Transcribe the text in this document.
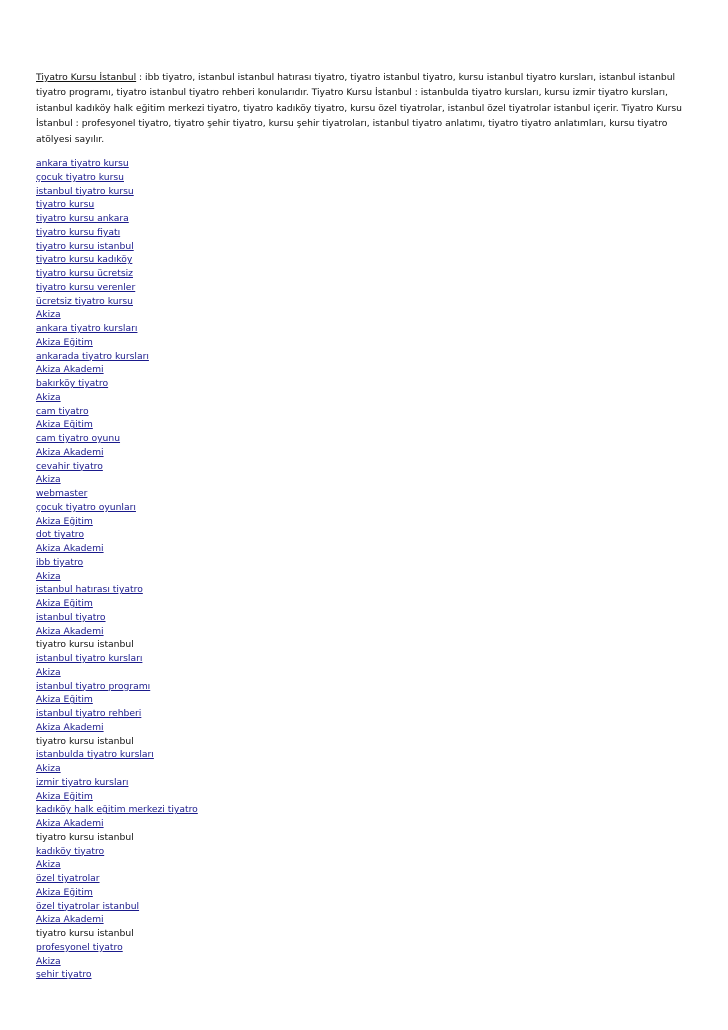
Tiyatro Kursu İstanbul : ibb tiyatro, istanbul istanbul hatırası tiyatro, tiyatro istanbul tiyatro, kursu istanbul tiyatro kursları, istanbul istanbul tiyatro programı, tiyatro istanbul tiyatro rehberi konularıdır. Tiyatro Kursu İstanbul : istanbulda tiyatro kursları, kursu izmir tiyatro kursları, istanbul kadıköy halk eğitim merkezi tiyatro, tiyatro kadıköy tiyatro, kursu özel tiyatrolar, istanbul özel tiyatrolar istanbul içerir. Tiyatro Kursu İstanbul : profesyonel tiyatro, tiyatro şehir tiyatro, kursu şehir tiyatroları, istanbul tiyatro anlatımı, tiyatro tiyatro anlatımları, kursu tiyatro atölyesi sayılır.

ankara tiyatro kursu
çocuk tiyatro kursu
istanbul tiyatro kursu
tiyatro kursu
tiyatro kursu ankara
tiyatro kursu fiyatı
tiyatro kursu istanbul
tiyatro kursu kadıköy
tiyatro kursu ücretsiz
tiyatro kursu verenler
ücretsiz tiyatro kursu
Akiza
ankara tiyatro kursları
Akiza Eğitim
ankarada tiyatro kursları
Akiza Akademi
bakırköy tiyatro
Akiza
cam tiyatro
Akiza Eğitim
cam tiyatro oyunu
Akiza Akademi
cevahir tiyatro
Akiza
webmaster
çocuk tiyatro oyunları
Akiza Eğitim
dot tiyatro
Akiza Akademi
ibb tiyatro
Akiza
istanbul hatırası tiyatro
Akiza Eğitim
istanbul tiyatro
Akiza Akademi
tiyatro kursu istanbul
istanbul tiyatro kursları
Akiza
istanbul tiyatro programı
Akiza Eğitim
istanbul tiyatro rehberi
Akiza Akademi
tiyatro kursu istanbul
istanbulda tiyatro kursları
Akiza
izmir tiyatro kursları
Akiza Eğitim
kadıköy halk eğitim merkezi tiyatro
Akiza Akademi
tiyatro kursu istanbul
kadıköy tiyatro
Akiza
özel tiyatrolar
Akiza Eğitim
özel tiyatrolar istanbul
Akiza Akademi
tiyatro kursu istanbul
profesyonel tiyatro
Akiza
şehir tiyatro
